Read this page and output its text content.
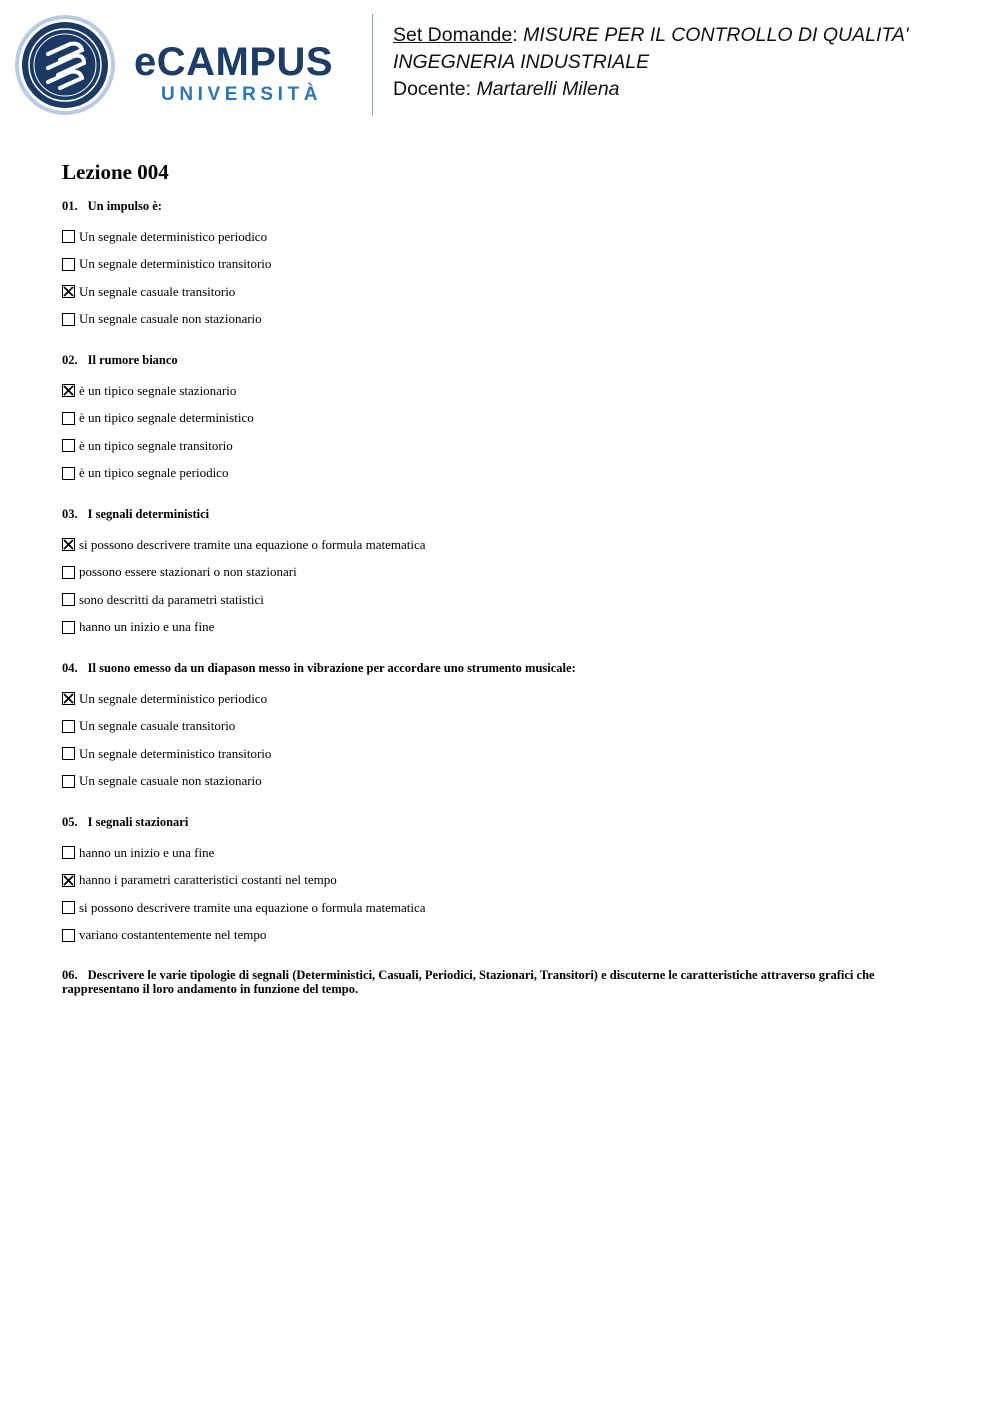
eCAMPUS
UNIVERSITÀ
Set Domande: MISURE PER IL CONTROLLO DI QUALITA'
INGEGNERIA INDUSTRIALE
Docente: Martarelli Milena
Lezione 004
01. Un impulso è:
Un segnale deterministico periodico
Un segnale deterministico transitorio
Un segnale casuale transitorio
Un segnale casuale non stazionario
02. Il rumore bianco
è un tipico segnale stazionario
è un tipico segnale deterministico
è un tipico segnale transitorio
è un tipico segnale periodico
03. I segnali deterministici
si possono descrivere tramite una equazione o formula matematica
possono essere stazionari o non stazionari
sono descritti da parametri statistici
hanno un inizio e una fine
04. Il suono emesso da un diapason messo in vibrazione per accordare uno strumento musicale:
Un segnale deterministico periodico
Un segnale casuale transitorio
Un segnale deterministico transitorio
Un segnale casuale non stazionario
05. I segnali stazionari
hanno un inizio e una fine
hanno i parametri caratteristici costanti nel tempo
si possono descrivere tramite una equazione o formula matematica
variano costantentemente nel tempo
06. Descrivere le varie tipologie di segnali (Deterministici, Casuali, Periodici, Stazionari, Transitori) e discuterne le caratteristiche attraverso grafici che rappresentano il loro andamento in funzione del tempo.
